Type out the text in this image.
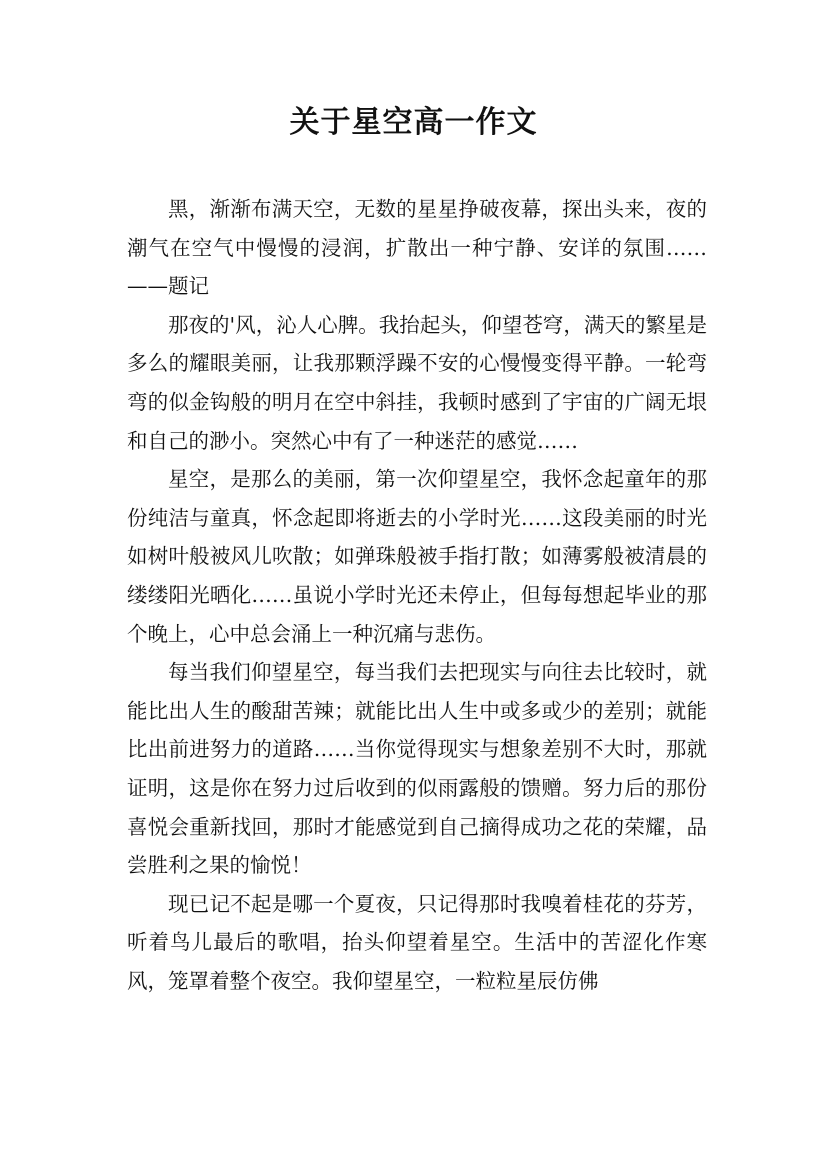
关于星空高一作文

黑，渐渐布满天空，无数的星星挣破夜幕，探出头来，夜的潮气在空气中慢慢的浸润，扩散出一种宁静、安详的氛围……——题记

那夜的'风，沁人心脾。我抬起头，仰望苍穹，满天的繁星是多么的耀眼美丽，让我那颗浮躁不安的心慢慢变得平静。一轮弯弯的似金钩般的明月在空中斜挂，我顿时感到了宇宙的广阔无垠和自己的渺小。突然心中有了一种迷茫的感觉……

星空，是那么的美丽，第一次仰望星空，我怀念起童年的那份纯洁与童真，怀念起即将逝去的小学时光……这段美丽的时光如树叶般被风儿吹散；如弹珠般被手指打散；如薄雾般被清晨的缕缕阳光晒化……虽说小学时光还未停止，但每每想起毕业的那个晚上，心中总会涌上一种沉痛与悲伤。

每当我们仰望星空，每当我们去把现实与向往去比较时，就能比出人生的酸甜苦辣；就能比出人生中或多或少的差别；就能比出前进努力的道路……当你觉得现实与想象差别不大时，那就证明，这是你在努力过后收到的似雨露般的馈赠。努力后的那份喜悦会重新找回，那时才能感觉到自己摘得成功之花的荣耀，品尝胜利之果的愉悦！

现已记不起是哪一个夏夜，只记得那时我嗅着桂花的芬芳，听着鸟儿最后的歌唱，抬头仰望着星空。生活中的苦涩化作寒风，笼罩着整个夜空。我仰望星空，一粒粒星辰仿佛
